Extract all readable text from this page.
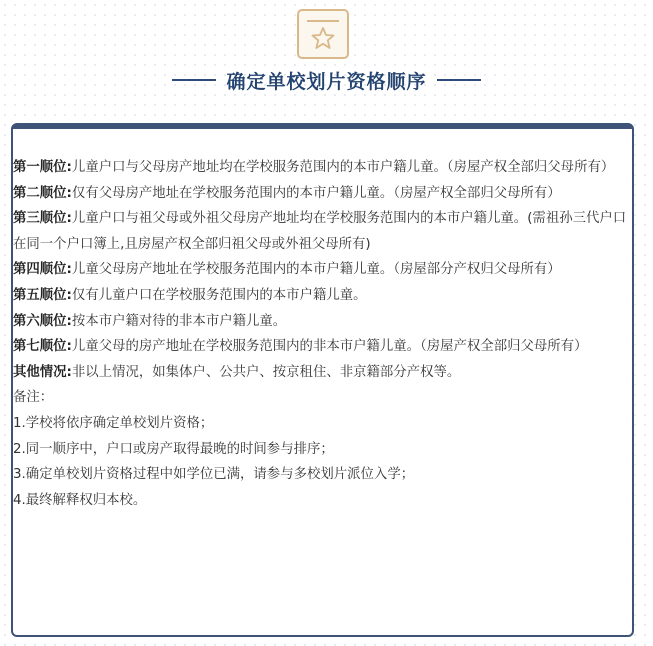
确定单校划片资格顺序

第一顺位:儿童户口与父母房产地址均在学校服务范围内的本市户籍儿童。（房屋产权全部归父母所有）

第二顺位:仅有父母房产地址在学校服务范围内的本市户籍儿童。（房屋产权全部归父母所有）

第三顺位:儿童户口与祖父母或外祖父母房产地址均在学校服务范围内的本市户籍儿童。(需祖孙三代户口在同一个户口簿上,且房屋产权全部归祖父母或外祖父母所有)

第四顺位:儿童父母房产地址在学校服务范围内的本市户籍儿童。（房屋部分产权归父母所有）

第五顺位:仅有儿童户口在学校服务范围内的本市户籍儿童。

第六顺位:按本市户籍对待的非本市户籍儿童。

第七顺位:儿童父母的房产地址在学校服务范围内的非本市户籍儿童。（房屋产权全部归父母所有）

其他情况:非以上情况，如集体户、公共户、按京租住、非京籍部分产权等。

备注：

1.学校将依序确定单校划片资格；

2.同一顺序中，户口或房产取得最晚的时间参与排序；

3.确定单校划片资格过程中如学位已满，请参与多校划片派位入学；

4.最终解释权归本校。
